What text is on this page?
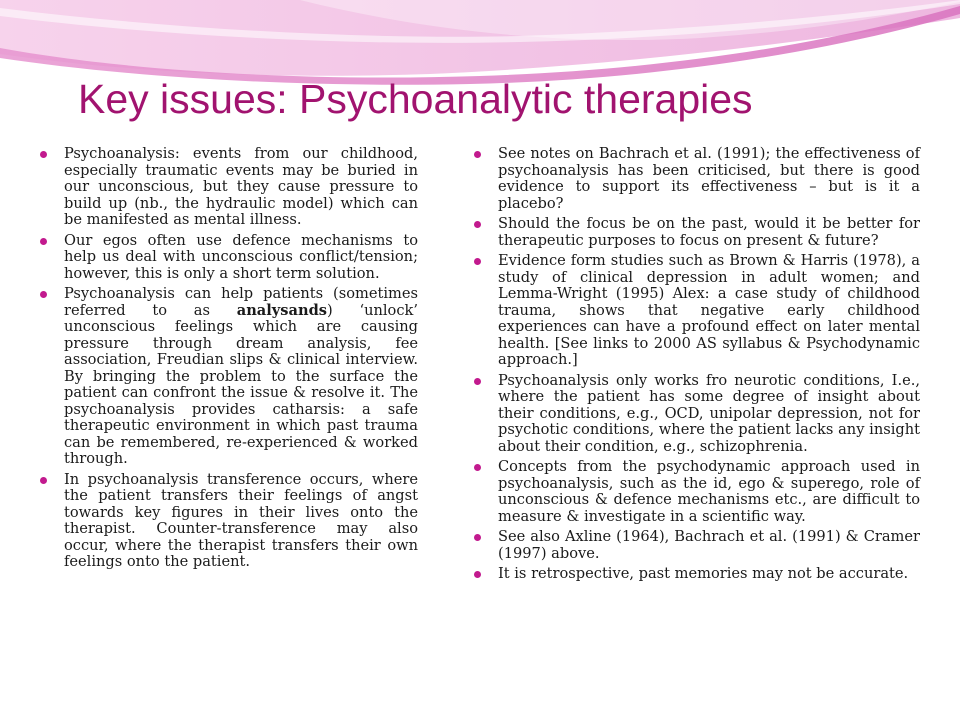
Key issues: Psychoanalytic therapies
Psychoanalysis: events from our childhood, especially traumatic events may be buried in our unconscious, but they cause pressure to build up (nb., the hydraulic model) which can be manifested as mental illness.
Our egos often use defence mechanisms to help us deal with unconscious conflict/tension; however, this is only a short term solution.
Psychoanalysis can help patients (sometimes referred to as analysands) ‘unlock’ unconscious feelings which are causing pressure through dream analysis, fee association, Freudian slips & clinical interview. By bringing the problem to the surface the patient can confront the issue & resolve it. The psychoanalysis provides catharsis: a safe therapeutic environment in which past trauma can be remembered, re-experienced & worked through.
In psychoanalysis transference occurs, where the patient transfers their feelings of angst towards key figures in their lives onto the therapist. Counter-transference may also occur, where the therapist transfers their own feelings onto the patient.
See notes on Bachrach et al. (1991); the effectiveness of psychoanalysis has been criticised, but there is good evidence to support its effectiveness – but is it a placebo?
Should the focus be on the past, would it be better for therapeutic purposes to focus on present & future?
Evidence form studies such as Brown & Harris (1978), a study of clinical depression in adult women; and Lemma-Wright (1995) Alex: a case study of childhood trauma, shows that negative early childhood experiences can have a profound effect on later mental health. [See links to 2000 AS syllabus & Psychodynamic approach.]
Psychoanalysis only works fro neurotic conditions, I.e., where the patient has some degree of insight about their conditions, e.g., OCD, unipolar depression, not for psychotic conditions, where the patient lacks any insight about their condition, e.g., schizophrenia.
Concepts from the psychodynamic approach used in psychoanalysis, such as the id, ego & superego, role of unconscious & defence mechanisms etc., are difficult to measure & investigate in a scientific way.
See also Axline (1964), Bachrach et al. (1991) & Cramer (1997) above.
It is retrospective, past memories may not be accurate.
